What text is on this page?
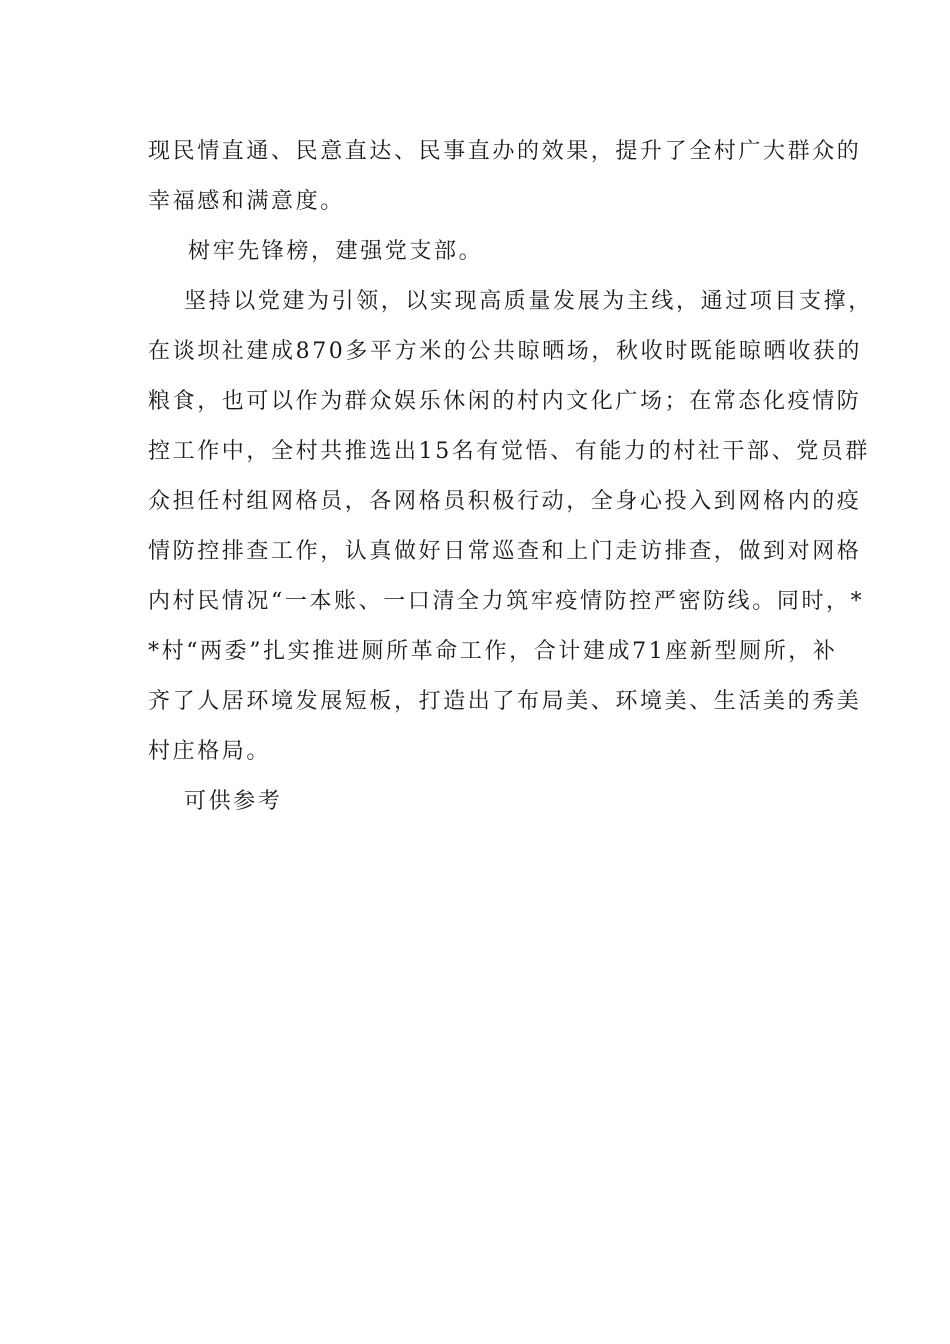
现民情直通、民意直达、民事直办的效果，提升了全村广大群众的
幸福感和满意度。
树牢先锋榜，建强党支部。
坚持以党建为引领，以实现高质量发展为主线，通过项目支撑，
在谈坝社建成870多平方米的公共晾晒场，秋收时既能晾晒收获的
粮食，也可以作为群众娱乐休闲的村内文化广场；在常态化疫情防
控工作中，全村共推选出15名有觉悟、有能力的村社干部、党员群
众担任村组网格员，各网格员积极行动，全身心投入到网格内的疫
情防控排查工作，认真做好日常巡查和上门走访排查，做到对网格
内村民情况“一本账、一口清全力筑牢疫情防控严密防线。同时，*
*村“两委”扎实推进厕所革命工作，合计建成71座新型厕所，补
齐了人居环境发展短板，打造出了布局美、环境美、生活美的秀美
村庄格局。
可供参考
